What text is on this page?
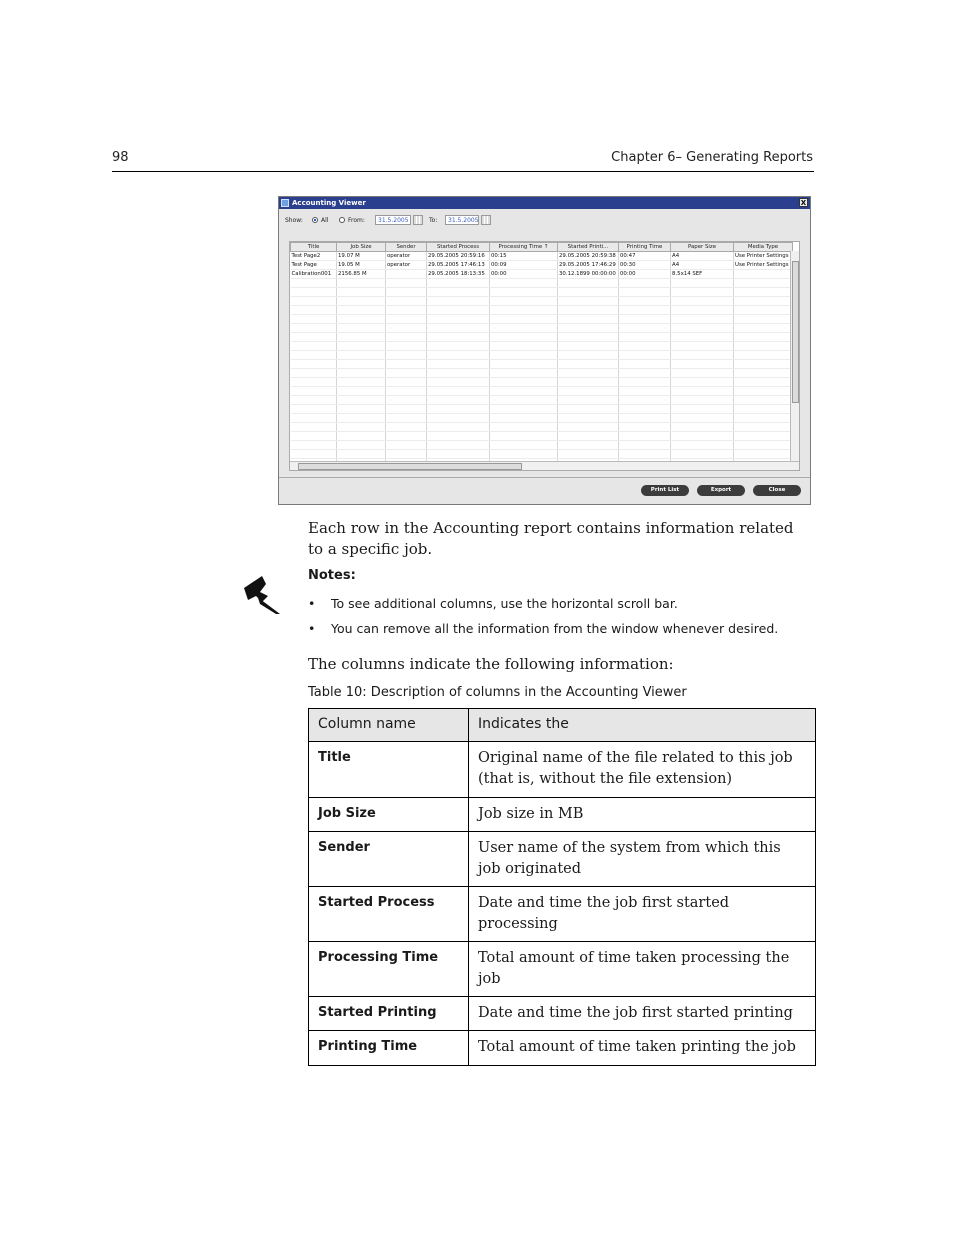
98	Chapter 6– Generating Reports
Accounting Viewer	X
Show:	All	From:	31.5.2005	To:	31.5.2005
Title	Job Size	Sender	Started Process	Processing Time ↑	Started Printi...	Printing Time	Paper Size	Media Type
Test Page2	19.07 M	operator	29.05.2005 20:59:16	00:15	29.05.2005 20:59:38	00:47	A4	Use Printer Settings
Test Page	19.05 M	operator	29.05.2005 17:46:13	00:09	29.05.2005 17:46:29	00:30	A4	Use Printer Settings
Calibration001	2156.85 M		29.05.2005 18:13:35	00:00	30.12.1899 00:00:00	00:00	8.5x14 SEF	

Print List	Export	Close
Each row in the Accounting report contains information related to a specific job.
Notes:
• To see additional columns, use the horizontal scroll bar.
• You can remove all the information from the window whenever desired.
The columns indicate the following information:
Table 10: Description of columns in the Accounting Viewer
Column name	Indicates the
Title	Original name of the file related to this job (that is, without the file extension)
Job Size	Job size in MB
Sender	User name of the system from which this job originated
Started Process	Date and time the job first started processing
Processing Time	Total amount of time taken processing the job
Started Printing	Date and time the job first started printing
Printing Time	Total amount of time taken printing the job
